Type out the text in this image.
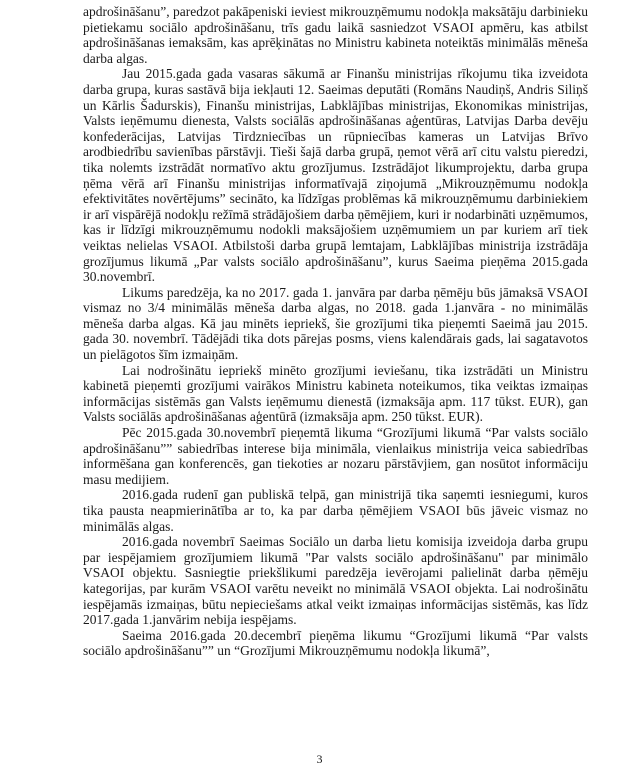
apdrošināšanu”, paredzot pakāpeniski ieviest mikrouzņēmumu nodokļa maksātāju darbinieku pietiekamu sociālo apdrošināšanu, trīs gadu laikā sasniedzot VSAOI apmēru, kas atbilst apdrošināšanas iemaksām, kas aprēķinātas no Ministru kabineta noteiktās minimālās mēneša darba algas.

Jau 2015.gada gada vasaras sākumā ar Finanšu ministrijas rīkojumu tika izveidota darba grupa, kuras sastāvā bija iekļauti 12. Saeimas deputāti (Romāns Naudiņš, Andris Siliņš un Kārlis Šadurskis), Finanšu ministrijas, Labklājības ministrijas, Ekonomikas ministrijas, Valsts ieņēmumu dienesta, Valsts sociālās apdrošināšanas aģentūras, Latvijas Darba devēju konfederācijas, Latvijas Tirdzniecības un rūpniecības kameras un Latvijas Brīvo arodbiedrību savienības pārstāvji. Tieši šajā darba grupā, ņemot vērā arī citu valstu pieredzi, tika nolemts izstrādāt normatīvo aktu grozījumus. Izstrādājot likumprojektu, darba grupa ņēma vērā arī Finanšu ministrijas informatīvajā ziņojumā „Mikrouzņēmumu nodokļa efektivitātes novērtējums” secināto, ka līdzīgas problēmas kā mikrouzņēmumu darbiniekiem ir arī vispārējā nodokļu režīmā strādājošiem darba ņēmējiem, kuri ir nodarbināti uzņēmumos, kas ir līdzīgi mikrouzņēmumu nodokli maksājošiem uzņēmumiem un par kuriem arī tiek veiktas nelielas VSAOI. Atbilstoši darba grupā lemtajam, Labklājības ministrija izstrādāja grozījumus likumā „Par valsts sociālo apdrošināšanu”, kurus Saeima pieņēma 2015.gada 30.novembrī.

Likums paredzēja, ka no 2017. gada 1. janvāra par darba ņēmēju būs jāmaksā VSAOI vismaz no 3/4 minimālās mēneša darba algas, no 2018. gada 1.janvāra - no minimālās mēneša darba algas. Kā jau minēts iepriekš, šie grozījumi tika pieņemti Saeimā jau 2015. gada 30. novembrī. Tādējādi tika dots pārejas posms, viens kalendārais gads, lai sagatavotos un pielāgotos šīm izmaiņām.

Lai nodrošinātu iepriekš minēto grozījumi ieviešanu, tika izstrādāti un Ministru kabinetā pieņemti grozījumi vairākos Ministru kabineta noteikumos, tika veiktas izmaiņas informācijas sistēmās gan Valsts ieņēmumu dienestā (izmaksāja apm. 117 tūkst. EUR), gan Valsts sociālās apdrošināšanas aģentūrā (izmaksāja apm. 250 tūkst. EUR).

Pēc 2015.gada 30.novembrī pieņemtā likuma “Grozījumi likumā “Par valsts sociālo apdrošināšanu”” sabiedrības interese bija minimāla, vienlaikus ministrija veica sabiedrības informēšana gan konferencēs, gan tiekoties ar nozaru pārstāvjiem, gan nosūtot informāciju masu medijiem.

2016.gada rudenī gan publiskā telpā, gan ministrijā tika saņemti iesniegumi, kuros tika pausta neapmierinātība ar to, ka par darba ņēmējiem VSAOI būs jāveic vismaz no minimālās algas.

2016.gada novembrī Saeimas Sociālo un darba lietu komisija izveidoja darba grupu par iespējamiem grozījumiem likumā "Par valsts sociālo apdrošināšanu" par minimālo VSAOI objektu. Sasniegtie priekšlikumi paredzēja ievērojami palielināt darba ņēmēju kategorijas, par kurām VSAOI varētu neveikt no minimālā VSAOI objekta. Lai nodrošinātu iespējamās izmaiņas, būtu nepieciešams atkal veikt izmaiņas informācijas sistēmās, kas līdz 2017.gada 1.janvārim nebija iespējams.

Saeima 2016.gada 20.decembrī pieņēma likumu “Grozījumi likumā “Par valsts sociālo apdrošināšanu”” un “Grozījumi Mikrouzņēmumu nodokļa likumā”,

3
